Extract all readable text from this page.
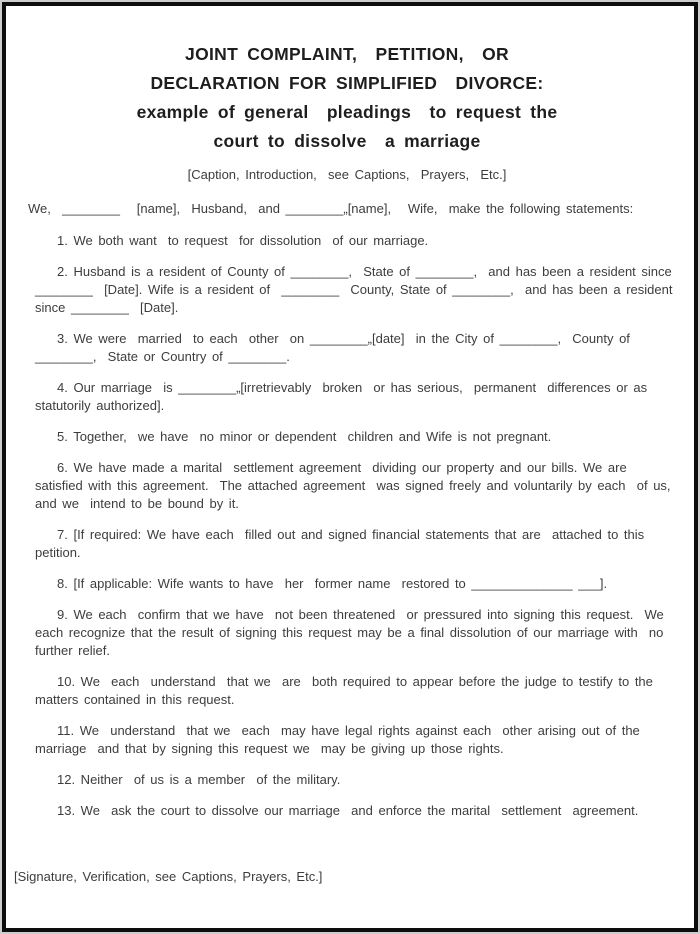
JOINT COMPLAINT,  PETITION,  OR
DECLARATION FOR SIMPLIFIED  DIVORCE:
example of general  pleadings  to request the
court to dissolve  a marriage
[Caption, Introduction,  see Captions,  Prayers,  Etc.]

We,  ________   [name],  Husband,  and ________„[name],   Wife,  make the following statements:

1. We both want  to request  for dissolution  of our marriage.

2. Husband is a resident of County of ________,  State of ________,  and has been a resident since ________  [Date]. Wife is a resident of  ________  County, State of ________,  and has been a resident since ________  [Date].

3. We were  married  to each  other  on ________„[date]  in the City of ________,  County of ________,  State or Country of ________.

4. Our marriage  is ________„[irretrievably  broken  or has serious,  permanent  differences or as statutorily authorized].

5. Together,  we have  no minor or dependent  children and Wife is not pregnant.

6. We have made a marital  settlement agreement  dividing our property and our bills. We are  satisfied with this agreement.  The attached agreement  was signed freely and voluntarily by each  of us, and we  intend to be bound by it.

7. [If required: We have each  filled out and signed financial statements that are  attached to this petition.

8. [If applicable: Wife wants to have  her  former name  restored to ______________ ___].

9. We each  confirm that we have  not been threatened  or pressured into signing this request.  We each recognize that the result of signing this request may be a final dissolution of our marriage with  no further relief.

10. We  each  understand  that we  are  both required to appear before the judge to testify to the matters contained in this request.

11. We  understand  that we  each  may have legal rights against each  other arising out of the marriage  and that by signing this request we  may be giving up those rights.

12. Neither  of us is a member  of the military.

13. We  ask the court to dissolve our marriage  and enforce the marital  settlement  agreement.

[Signature, Verification, see Captions, Prayers, Etc.]
